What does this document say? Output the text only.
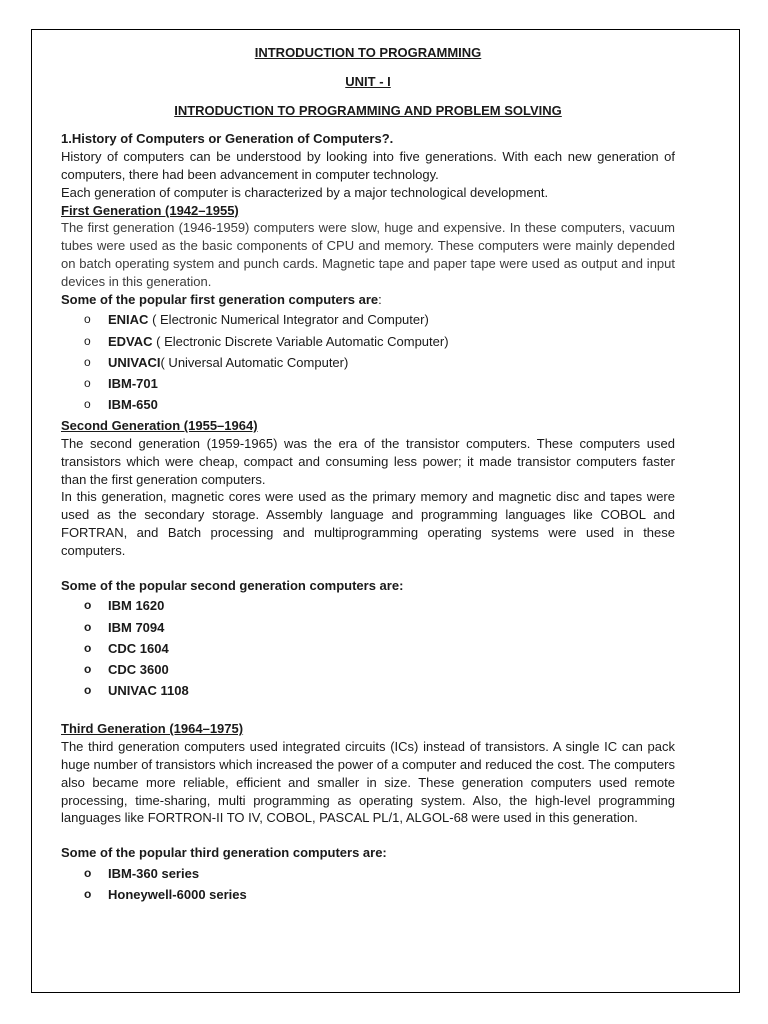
INTRODUCTION TO PROGRAMMING
UNIT - I
INTRODUCTION TO PROGRAMMING AND PROBLEM SOLVING

1.History of Computers or Generation of Computers?.

History of computers can be understood by looking into five generations. With each new generation of computers, there had been advancement in computer technology.

Each generation of computer is characterized by a major technological development.

First Generation (1942–1955)

The first generation (1946-1959) computers were slow, huge and expensive. In these computers, vacuum tubes were used as the basic components of CPU and memory. These computers were mainly depended on batch operating system and punch cards. Magnetic tape and paper tape were used as output and input devices in this generation.

Some of the popular first generation computers are:

o ENIAC ( Electronic Numerical Integrator and Computer)
o EDVAC ( Electronic Discrete Variable Automatic Computer)
o UNIVACI( Universal Automatic Computer)
o IBM-701
o IBM-650

Second Generation (1955–1964)

The second generation (1959-1965) was the era of the transistor computers. These computers used transistors which were cheap, compact and consuming less power; it made transistor computers faster than the first generation computers.

In this generation, magnetic cores were used as the primary memory and magnetic disc and tapes were used as the secondary storage. Assembly language and programming languages like COBOL and FORTRAN, and Batch processing and multiprogramming operating systems were used in these computers.

Some of the popular second generation computers are:

o IBM 1620
o IBM 7094
o CDC 1604
o CDC 3600
o UNIVAC 1108

Third Generation (1964–1975)

The third generation computers used integrated circuits (ICs) instead of transistors. A single IC can pack huge number of transistors which increased the power of a computer and reduced the cost. The computers also became more reliable, efficient and smaller in size. These generation computers used remote processing, time-sharing, multi programming as operating system. Also, the high-level programming languages like FORTRON-II TO IV, COBOL, PASCAL PL/1, ALGOL-68 were used in this generation.

Some of the popular third generation computers are:

o IBM-360 series
o Honeywell-6000 series
